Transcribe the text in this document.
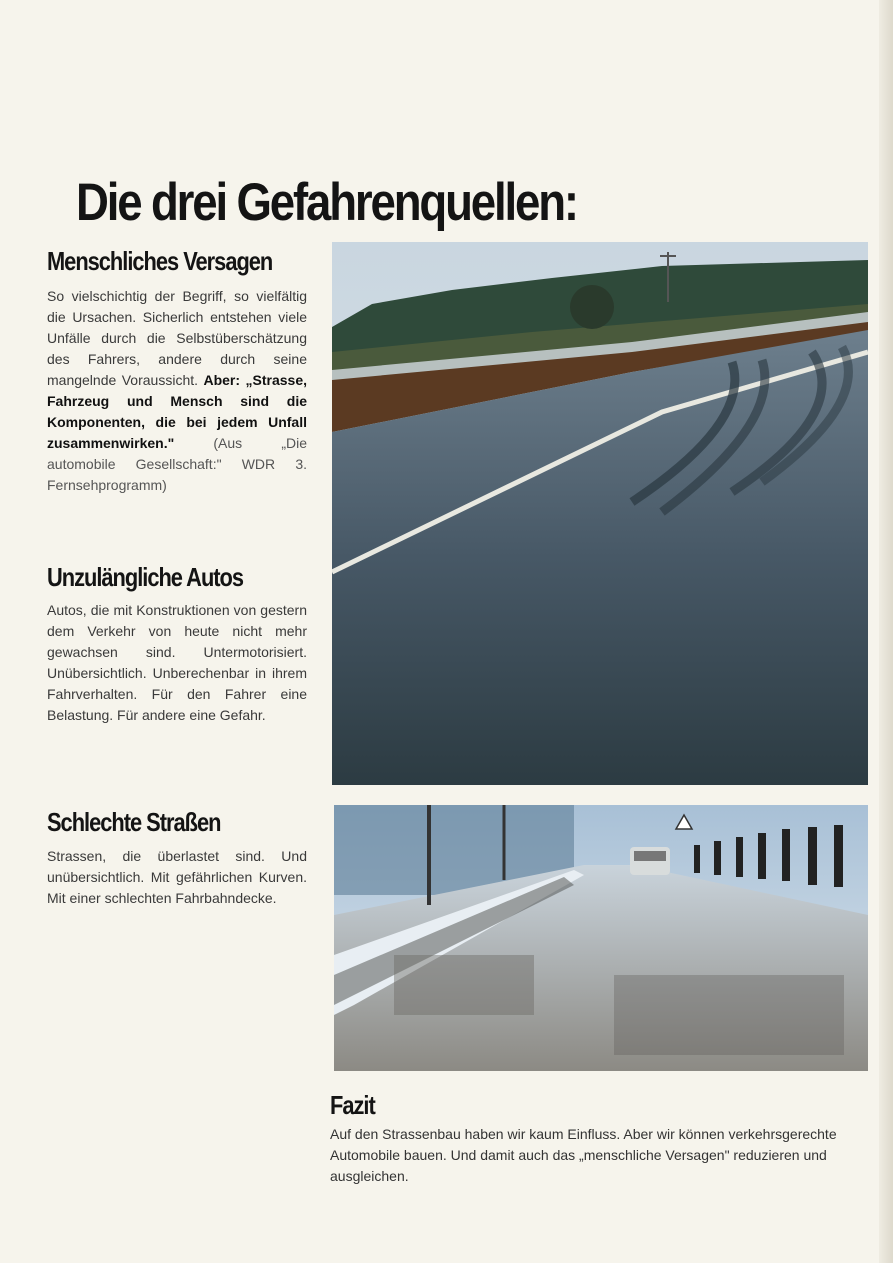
Die drei Gefahrenquellen:
Menschliches Versagen
So vielschichtig der Begriff, so vielfältig die Ursachen. Sicherlich entstehen viele Unfälle durch die Selbstüberschätzung des Fahrers, andere durch seine mangelnde Voraussicht. Aber: „Strasse, Fahrzeug und Mensch sind die Komponenten, die bei jedem Unfall zusammenwirken."	(Aus „Die automobile Gesellschaft:" WDR 3. Fernsehprogramm)
Unzulängliche Autos

Autos, die mit Konstruktionen von gestern dem Verkehr von heute nicht mehr gewachsen sind. Untermotorisiert. Unübersichtlich. Unberechenbar in ihrem Fahrverhalten. Für den Fahrer eine Belastung. Für andere eine Gefahr.

Schlechte Straßen

Strassen, die überlastet sind. Und unübersichtlich. Mit gefährlichen Kurven. Mit einer schlechten Fahrbahndecke.

Fazit

Auf den Strassenbau haben wir kaum Einfluss. Aber wir können verkehrsgerechte Automobile bauen. Und damit auch das „menschliche Versagen" reduzieren und ausgleichen.
